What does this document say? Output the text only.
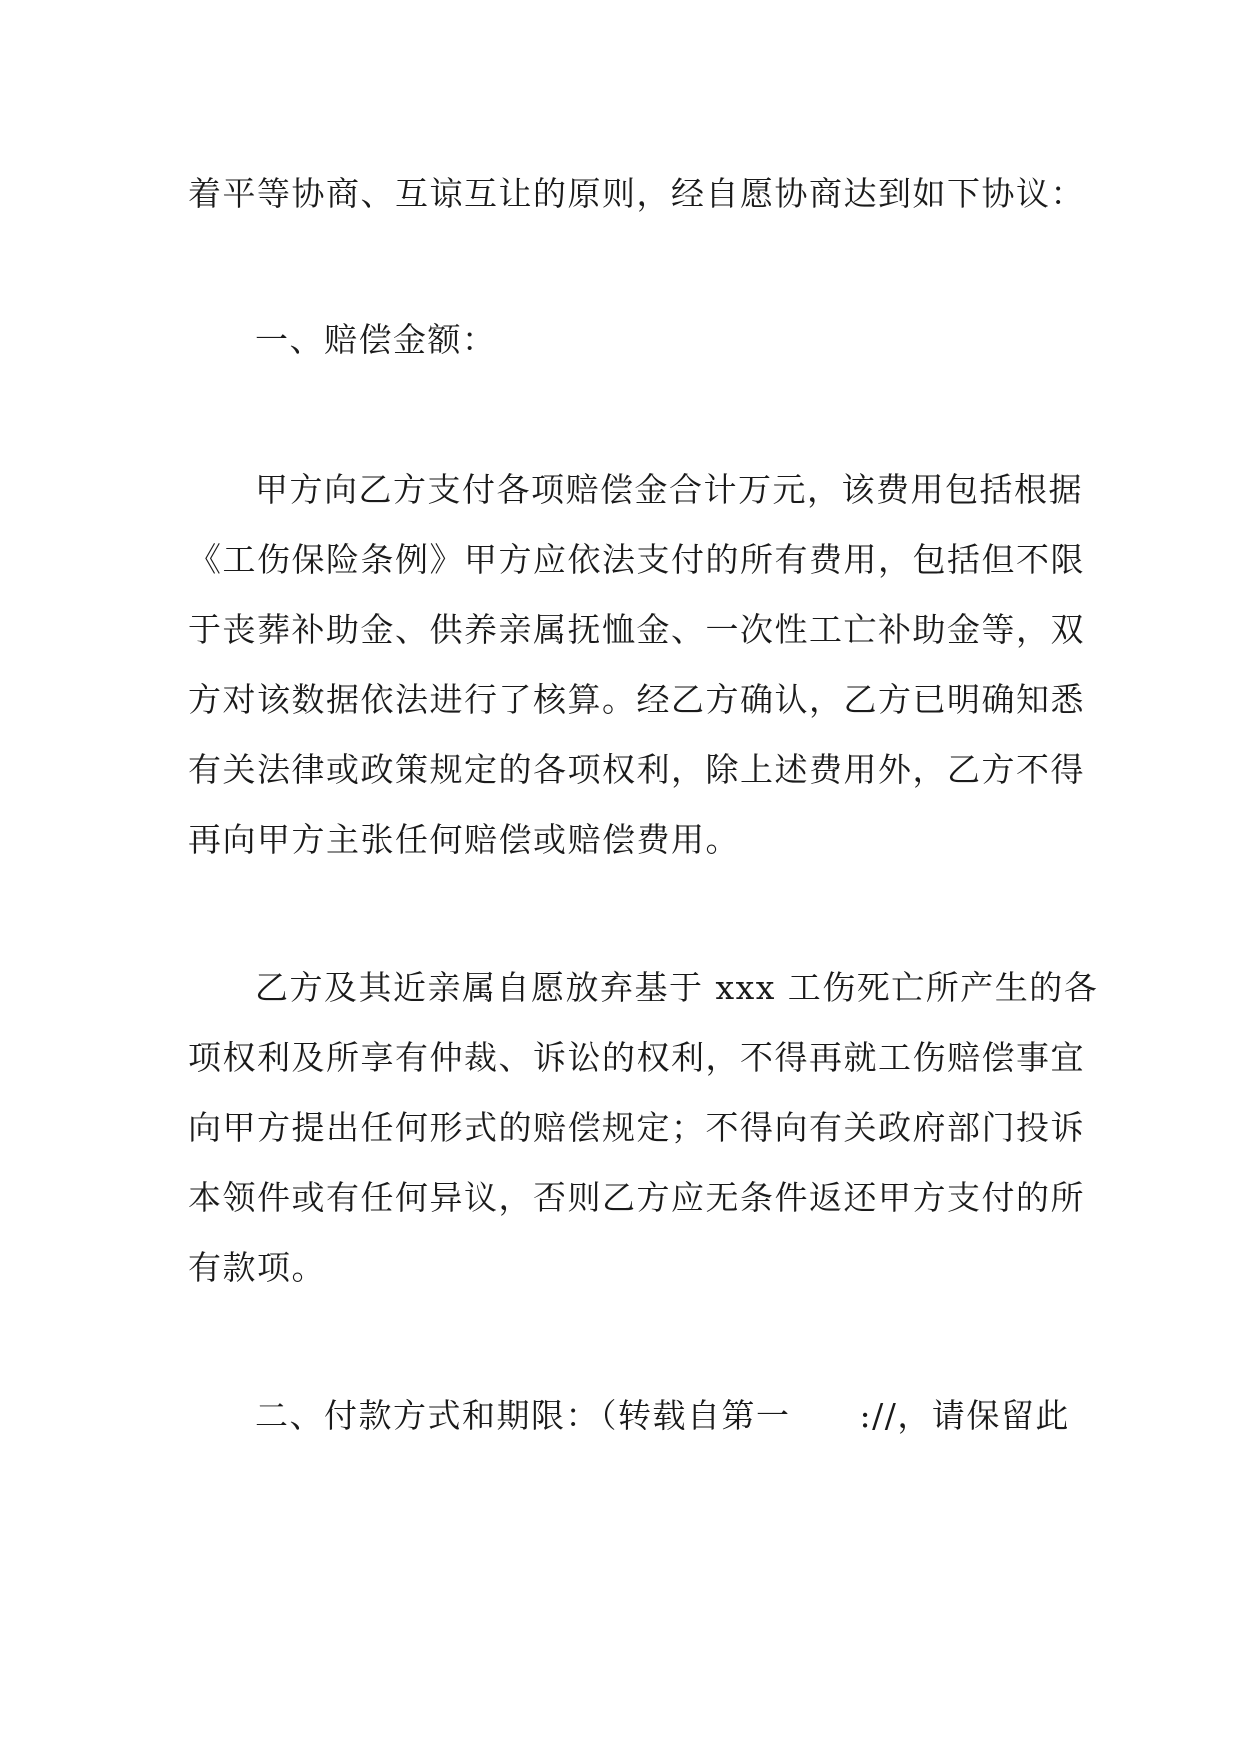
着平等协商、互谅互让的原则，经自愿协商达到如下协议：
一、赔偿金额：
甲方向乙方支付各项赔偿金合计万元，该费用包括根据
《工伤保险条例》甲方应依法支付的所有费用，包括但不限
于丧葬补助金、供养亲属抚恤金、一次性工亡补助金等，双
方对该数据依法进行了核算。经乙方确认，乙方已明确知悉
有关法律或政策规定的各项权利，除上述费用外，乙方不得
再向甲方主张任何赔偿或赔偿费用。
乙方及其近亲属自愿放弃基于 xxx 工伤死亡所产生的各
项权利及所享有仲裁、诉讼的权利，不得再就工伤赔偿事宜
向甲方提出任何形式的赔偿规定；不得向有关政府部门投诉
本领件或有任何异议，否则乙方应无条件返还甲方支付的所
有款项。
二、付款方式和期限：（转载自第一　　://，请保留此
